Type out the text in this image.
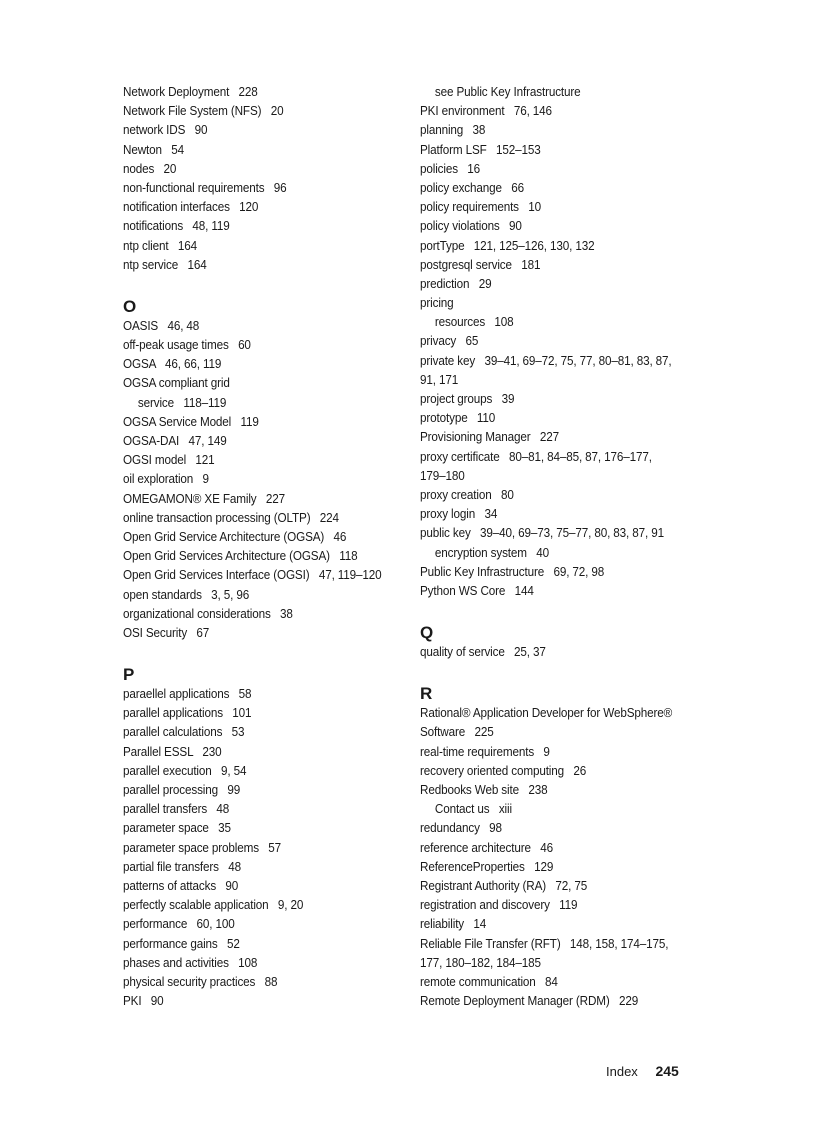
Network Deployment   228
Network File System (NFS)   20
network IDS   90
Newton   54
nodes   20
non-functional requirements   96
notification interfaces   120
notifications   48, 119
ntp client   164
ntp service   164
O
OASIS   46, 48
off-peak usage times   60
OGSA   46, 66, 119
OGSA compliant grid
service   118–119
OGSA Service Model   119
OGSA-DAI   47, 149
OGSI model   121
oil exploration   9
OMEGAMON® XE Family   227
online transaction processing (OLTP)   224
Open Grid Service Architecture (OGSA)   46
Open Grid Services Architecture (OGSA)   118
Open Grid Services Interface (OGSI)   47, 119–120
open standards   3, 5, 96
organizational considerations   38
OSI Security   67
P
paraellel applications   58
parallel applications   101
parallel calculations   53
Parallel ESSL   230
parallel execution   9, 54
parallel processing   99
parallel transfers   48
parameter space   35
parameter space problems   57
partial file transfers   48
patterns of attacks   90
perfectly scalable application   9, 20
performance   60, 100
performance gains   52
phases and activities   108
physical security practices   88
PKI   90
see Public Key Infrastructure
PKI environment   76, 146
planning   38
Platform LSF   152–153
policies   16
policy exchange   66
policy requirements   10
policy violations   90
portType   121, 125–126, 130, 132
postgresql service   181
prediction   29
pricing
resources   108
privacy   65
private key   39–41, 69–72, 75, 77, 80–81, 83, 87,
91, 171
project groups   39
prototype   110
Provisioning Manager   227
proxy certificate   80–81, 84–85, 87, 176–177,
179–180
proxy creation   80
proxy login   34
public key   39–40, 69–73, 75–77, 80, 83, 87, 91
encryption system   40
Public Key Infrastructure   69, 72, 98
Python WS Core   144
Q
quality of service   25, 37
R
Rational® Application Developer for WebSphere®
Software   225
real-time requirements   9
recovery oriented computing   26
Redbooks Web site   238
Contact us   xiii
redundancy   98
reference architecture   46
ReferenceProperties   129
Registrant Authority (RA)   72, 75
registration and discovery   119
reliability   14
Reliable File Transfer (RFT)   148, 158, 174–175,
177, 180–182, 184–185
remote communication   84
Remote Deployment Manager (RDM)   229
Index 245
